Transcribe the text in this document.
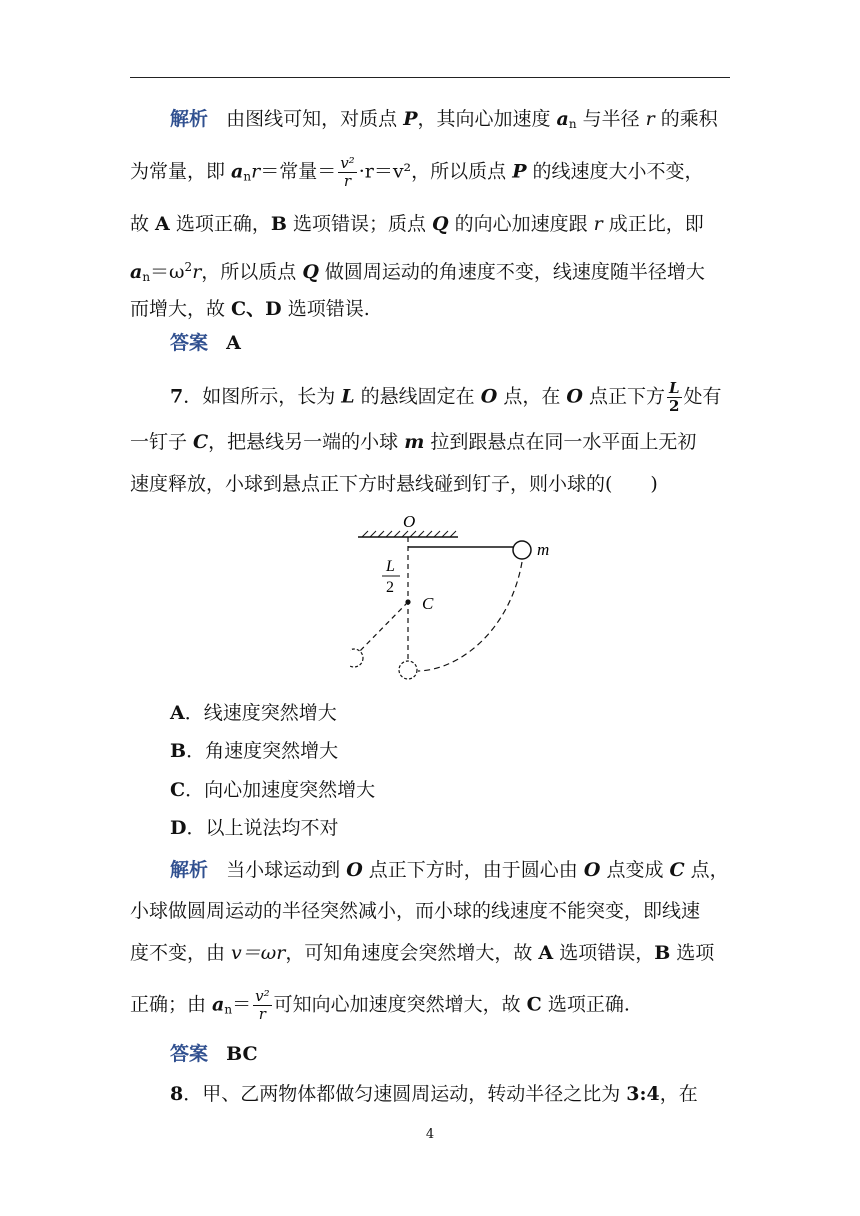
解析 由图线可知，对质点 P，其向心加速度 $a_n$ 与半径 r 的乘积
为常量，即 $a_nr=$常量＝ $\frac{\text{v²}}{r} \cdot r=v^2$，所以质点 P 的线速度大小不变，
故 A 选项正确，B 选项错误；质点 Q 的向心加速度跟 r 成正比，即
$a_n=\omega^2r$，所以质点 Q 做圆周运动的角速度不变，线速度随半径增大
而增大，故 C、D 选项错误.
答案 A
7．如图所示，长为 L 的悬线固定在 O 点，在 O 点正下方 $\frac{L}{2}$ 处有
一钉子 C，把悬线另一端的小球 m 拉到跟悬点在同一水平面上无初
速度释放，小球到悬点正下方时悬线碰到钉子，则小球的(　　)
O
m
L
2
C
A．线速度突然增大
B．角速度突然增大
C．向心加速度突然增大
D．以上说法均不对
解析 当小球运动到 O 点正下方时，由于圆心由 O 点变成 C 点，
小球做圆周运动的半径突然减小，而小球的线速度不能突变，即线速
度不变，由 v＝ωr，可知角速度会突然增大，故 A 选项错误，B 选项
正确；由 $a_n= \frac{\text{v²}}{r}$ 可知向心加速度突然增大，故 C 选项正确.
答案 BC
8．甲、乙两物体都做匀速圆周运动，转动半径之比为 3:4，在
4
